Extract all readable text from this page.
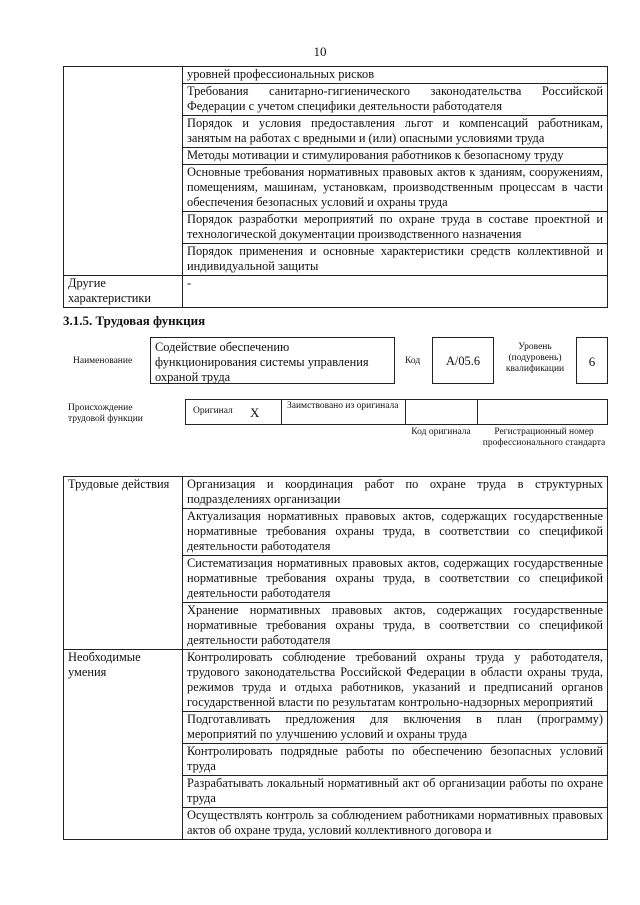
10
	уровней профессиональных рисков
	Требования санитарно-гигиенического законодательства Российской Федерации с учетом специфики деятельности работодателя
	Порядок и условия предоставления льгот и компенсаций работникам, занятым на работах с вредными и (или) опасными условиями труда
	Методы мотивации и стимулирования работников к безопасному труду
	Основные требования нормативных правовых актов к зданиям, сооружениям, помещениям, машинам, установкам, производственным процессам в части обеспечения безопасных условий и охраны труда
	Порядок разработки мероприятий по охране труда в составе проектной и технологической документации производственного назначения
	Порядок применения и основные характеристики средств коллективной и индивидуальной защиты
Другие характеристики	-
3.1.5. Трудовая функция
Наименование
Содействие обеспечению функционирования системы управления охраной труда
Код	А/05.6
Уровень (подуровень) квалификации	6
Происхождение трудовой функции
Оригинал X	Заимствовано из оригинала
Код оригинала	Регистрационный номер профессионального стандарта
Трудовые действия	Организация и координация работ по охране труда в структурных подразделениях организации
	Актуализация нормативных правовых актов, содержащих государственные нормативные требования охраны труда, в соответствии со спецификой деятельности работодателя
	Систематизация нормативных правовых актов, содержащих государственные нормативные требования охраны труда, в соответствии со спецификой деятельности работодателя
	Хранение нормативных правовых актов, содержащих государственные нормативные требования охраны труда, в соответствии со спецификой деятельности работодателя
Необходимые умения	Контролировать соблюдение требований охраны труда у работодателя, трудового законодательства Российской Федерации в области охраны труда, режимов труда и отдыха работников, указаний и предписаний органов государственной власти по результатам контрольно-надзорных мероприятий
	Подготавливать предложения для включения в план (программу) мероприятий по улучшению условий и охраны труда
	Контролировать подрядные работы по обеспечению безопасных условий труда
	Разрабатывать локальный нормативный акт об организации работы по охране труда
	Осуществлять контроль за соблюдением работниками нормативных правовых актов об охране труда, условий коллективного договора и
